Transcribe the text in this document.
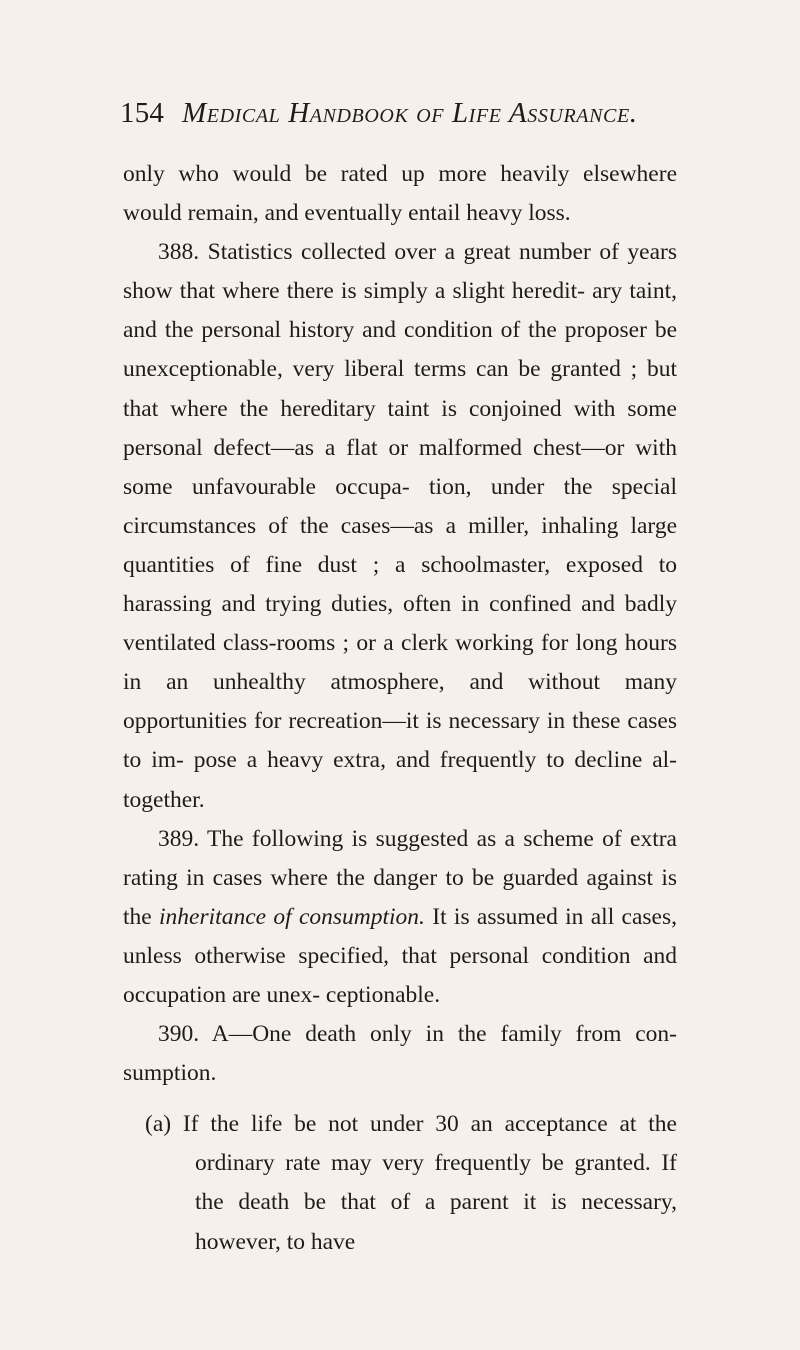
154 Medical Handbook of Life Assurance.

only who would be rated up more heavily elsewhere would remain, and eventually entail heavy loss.

388. Statistics collected over a great number of years show that where there is simply a slight heredit- ary taint, and the personal history and condition of the proposer be unexceptionable, very liberal terms can be granted ; but that where the hereditary taint is conjoined with some personal defect—as a flat or malformed chest—or with some unfavourable occupa- tion, under the special circumstances of the cases—as a miller, inhaling large quantities of fine dust ; a schoolmaster, exposed to harassing and trying duties, often in confined and badly ventilated class-rooms ; or a clerk working for long hours in an unhealthy atmosphere, and without many opportunities for recreation—it is necessary in these cases to im- pose a heavy extra, and frequently to decline al- together.

389. The following is suggested as a scheme of extra rating in cases where the danger to be guarded against is the inheritance of consumption. It is assumed in all cases, unless otherwise specified, that personal condition and occupation are unex- ceptionable.

390. A—One death only in the family from con- sumption.

(a) If the life be not under 30 an acceptance at the ordinary rate may very frequently be granted. If the death be that of a parent it is necessary, however, to have
